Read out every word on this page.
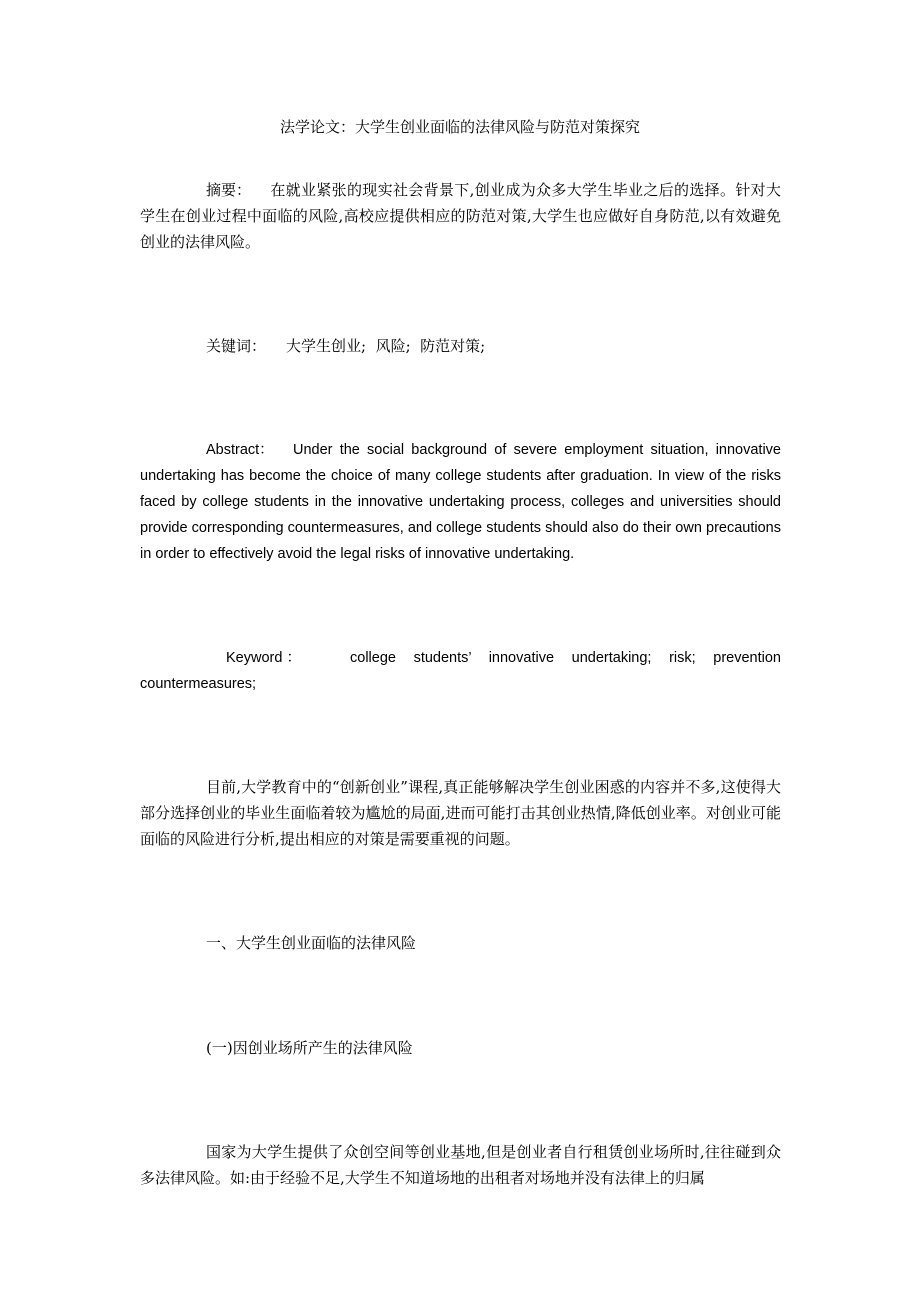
法学论文：大学生创业面临的法律风险与防范对策探究
摘要： 在就业紧张的现实社会背景下,创业成为众多大学生毕业之后的选择。针对大学生在创业过程中面临的风险,高校应提供相应的防范对策,大学生也应做好自身防范,以有效避免创业的法律风险。
关键词： 大学生创业;  风险;  防范对策;
Abstract： Under the social background of severe employment situation, innovative undertaking has become the choice of many college students after graduation. In view of the risks faced by college students in the innovative undertaking process, colleges and universities should provide corresponding countermeasures, and college students should also do their own precautions in order to effectively avoid the legal risks of innovative undertaking.
Keyword ：	college students’ innovative undertaking; risk; prevention countermeasures;
目前,大学教育中的“创新创业”课程,真正能够解决学生创业困惑的内容并不多,这使得大部分选择创业的毕业生面临着较为尴尬的局面,进而可能打击其创业热情,降低创业率。对创业可能面临的风险进行分析,提出相应的对策是需要重视的问题。
一、大学生创业面临的法律风险
(一)因创业场所产生的法律风险
国家为大学生提供了众创空间等创业基地,但是创业者自行租赁创业场所时,往往碰到众多法律风险。如:由于经验不足,大学生不知道场地的出租者对场地并没有法律上的归属
